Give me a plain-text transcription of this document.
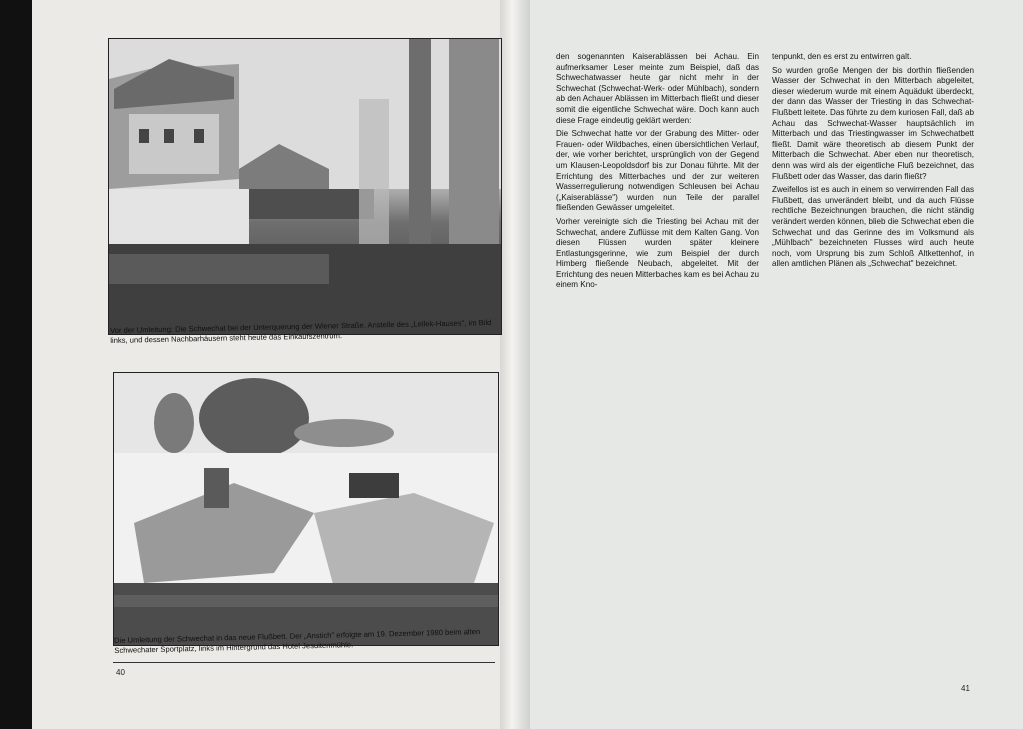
Vor der Umleitung: Die Schwechat bei der Unterquerung der Wiener Straße. Anstelle des „Lellek-Hauses", im Bild links, und dessen Nachbarhäusern steht heute das Einkaufszentrum.
Die Umleitung der Schwechat in das neue Flußbett. Der „Anstich" erfolgte am 19. Dezember 1980 beim alten Schwechater Sportplatz, links im Hintergrund das Hotel Jesuitenmühle.
40

den sogenannten Kaiserablässen bei Achau. Ein aufmerksamer Leser meinte zum Beispiel, daß das Schwechatwasser heute gar nicht mehr in der Schwechat (Schwechat-Werk- oder Mühlbach), sondern ab den Achauer Ablässen im Mitterbach fließt und dieser somit die eigentliche Schwechat wäre. Doch kann auch diese Frage eindeutig geklärt werden:

Die Schwechat hatte vor der Grabung des Mitter- oder Frauen- oder Wildbaches, einen übersichtlichen Verlauf, der, wie vorher berichtet, ursprünglich von der Gegend um Klausen-Leopoldsdorf bis zur Donau führte. Mit der Errichtung des Mitterbaches und der zur weiteren Wasserregulierung notwendigen Schleusen bei Achau („Kaiserablässe") wurden nun Teile der parallel fließenden Gewässer umgeleitet.

Vorher vereinigte sich die Triesting bei Achau mit der Schwechat, andere Zuflüsse mit dem Kalten Gang. Von diesen Flüssen wurden später kleinere Entlastungsgerinne, wie zum Beispiel der durch Himberg fließende Neubach, abgeleitet. Mit der Errichtung des neuen Mitterbaches kam es bei Achau zu einem Kno-

tenpunkt, den es erst zu entwirren galt.

So wurden große Mengen der bis dorthin fließenden Wasser der Schwechat in den Mitterbach abgeleitet, dieser wiederum wurde mit einem Aquädukt überdeckt, der dann das Wasser der Triesting in das Schwechat-Flußbett leitete. Das führte zu dem kuriosen Fall, daß ab Achau das Schwechat-Wasser hauptsächlich im Mitterbach und das Triestingwasser im Schwechatbett fließt. Damit wäre theoretisch ab diesem Punkt der Mitterbach die Schwechat. Aber eben nur theoretisch, denn was wird als der eigentliche Fluß bezeichnet, das Flußbett oder das Wasser, das darin fließt?

Zweifellos ist es auch in einem so verwirrenden Fall das Flußbett, das unverändert bleibt, und da auch Flüsse rechtliche Bezeichnungen brauchen, die nicht ständig verändert werden können, blieb die Schwechat eben die Schwechat und das Gerinne des im Volksmund als „Mühlbach" bezeichneten Flusses wird auch heute noch, vom Ursprung bis zum Schloß Altkettenhof, in allen amtlichen Plänen als „Schwechat" bezeichnet.

41
